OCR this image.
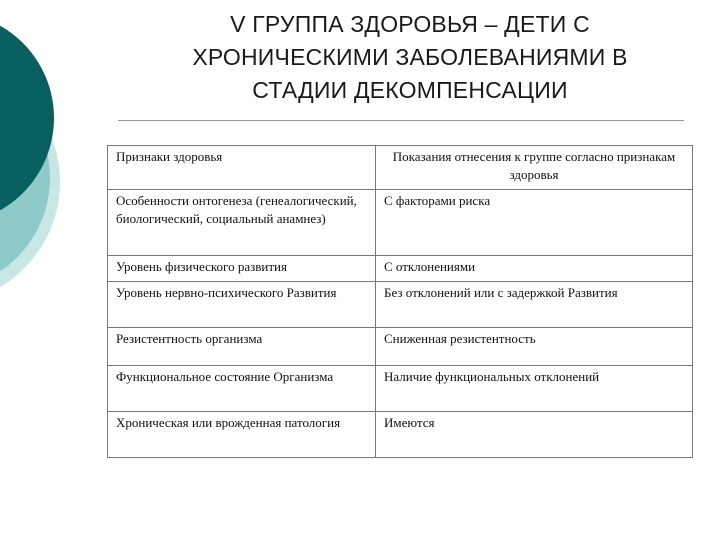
V ГРУППА ЗДОРОВЬЯ – ДЕТИ С
ХРОНИЧЕСКИМИ ЗАБОЛЕВАНИЯМИ В
СТАДИИ ДЕКОМПЕНСАЦИИ
Признаки здоровья	Показания отнесения к группе согласно признакам здоровья
Особенности онтогенеза (генеалогический, биологический, социальный анамнез)	С факторами риска
Уровень физического развития	С отклонениями
Уровень нервно-психического Развития	Без отклонений или с задержкой Развития
Резистентность организма	Сниженная резистентность
Функциональное состояние Организма	Наличие функциональных отклонений
Хроническая или врожденная патология	Имеются
